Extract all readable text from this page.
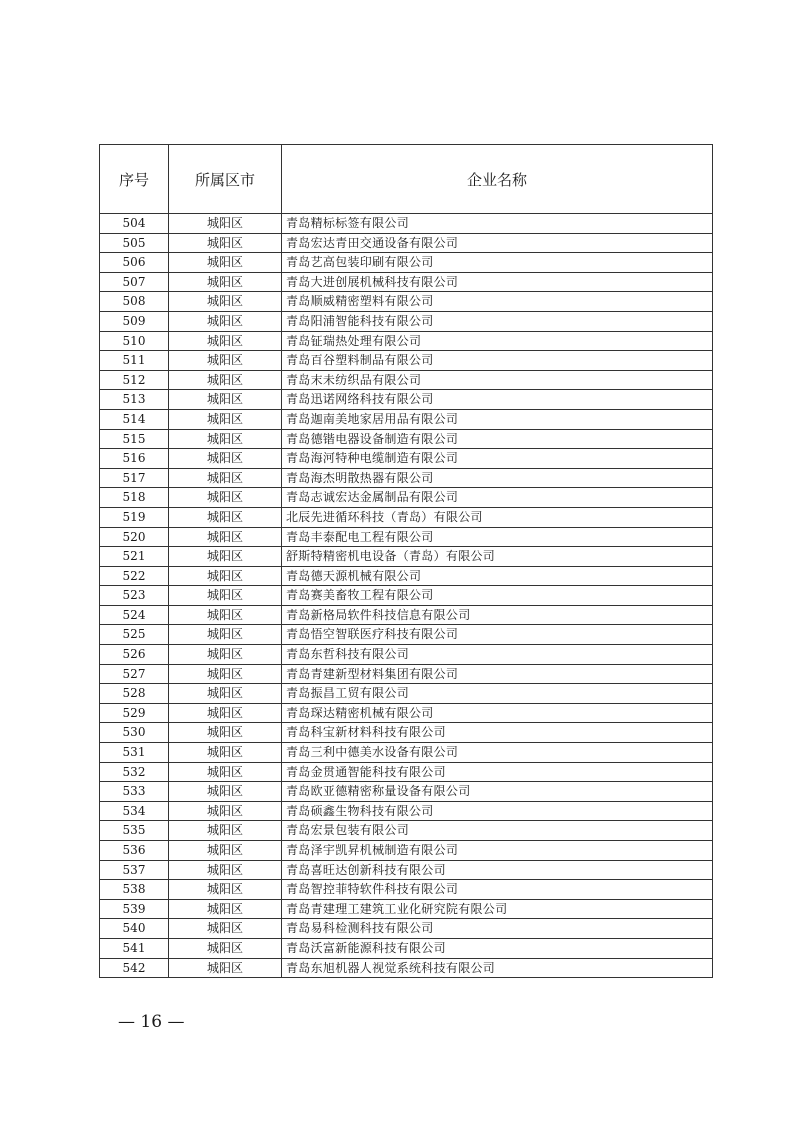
序号	所属区市	企业名称
504	城阳区	青岛精标标签有限公司
505	城阳区	青岛宏达青田交通设备有限公司
506	城阳区	青岛艺高包装印刷有限公司
507	城阳区	青岛大进创展机械科技有限公司
508	城阳区	青岛顺威精密塑料有限公司
509	城阳区	青岛阳浦智能科技有限公司
510	城阳区	青岛钲瑞热处理有限公司
511	城阳区	青岛百谷塑料制品有限公司
512	城阳区	青岛末未纺织品有限公司
513	城阳区	青岛迅诺网络科技有限公司
514	城阳区	青岛迦南美地家居用品有限公司
515	城阳区	青岛德锴电器设备制造有限公司
516	城阳区	青岛海河特种电缆制造有限公司
517	城阳区	青岛海杰明散热器有限公司
518	城阳区	青岛志诚宏达金属制品有限公司
519	城阳区	北辰先进循环科技（青岛）有限公司
520	城阳区	青岛丰泰配电工程有限公司
521	城阳区	舒斯特精密机电设备（青岛）有限公司
522	城阳区	青岛德天源机械有限公司
523	城阳区	青岛赛美畜牧工程有限公司
524	城阳区	青岛新格局软件科技信息有限公司
525	城阳区	青岛悟空智联医疗科技有限公司
526	城阳区	青岛东哲科技有限公司
527	城阳区	青岛青建新型材料集团有限公司
528	城阳区	青岛振昌工贸有限公司
529	城阳区	青岛琛达精密机械有限公司
530	城阳区	青岛科宝新材料科技有限公司
531	城阳区	青岛三利中德美水设备有限公司
532	城阳区	青岛金贯通智能科技有限公司
533	城阳区	青岛欧亚德精密称量设备有限公司
534	城阳区	青岛硕鑫生物科技有限公司
535	城阳区	青岛宏景包装有限公司
536	城阳区	青岛泽宇凯昇机械制造有限公司
537	城阳区	青岛喜旺达创新科技有限公司
538	城阳区	青岛智控菲特软件科技有限公司
539	城阳区	青岛青建理工建筑工业化研究院有限公司
540	城阳区	青岛易科检测科技有限公司
541	城阳区	青岛沃富新能源科技有限公司
542	城阳区	青岛东旭机器人视觉系统科技有限公司
— 16 —
